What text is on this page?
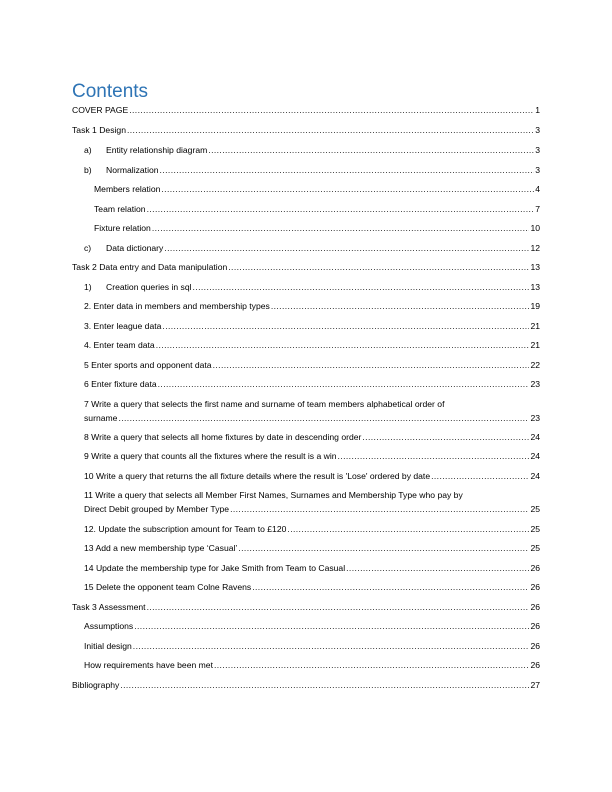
Contents
COVER PAGE .....	1
Task 1 Design .....	3
a) Entity relationship diagram .....	3
b) Normalization .....	3
Members relation .....	4
Team relation .....	7
Fixture relation .....	10
c) Data dictionary .....	12
Task 2 Data entry and Data manipulation .....	13
1) Creation queries in sql .....	13
2. Enter data in members and membership types .....	19
3. Enter league data .....	21
4. Enter team data .....	21
5 Enter sports and opponent data .....	22
6 Enter fixture data .....	23
7 Write a query that selects the first name and surname of team members alphabetical order of
surname .....	23
8 Write a query that selects all home fixtures by date in descending order .....	24
9 Write a query that counts all the fixtures where the result is a win .....	24
10 Write a query that returns the all fixture details where the result is 'Lose' ordered by date .....	24
11 Write a query that selects all Member First Names, Surnames and Membership Type who pay by
Direct Debit grouped by Member Type .....	25
12. Update the subscription amount for Team to £120 .....	25
13 Add a new membership type ‘Casual’ .....	25
14 Update the membership type for Jake Smith from Team to Casual .....	26
15 Delete the opponent team Colne Ravens .....	26
Task 3 Assessment .....	26
Assumptions .....	26
Initial design .....	26
How requirements have been met .....	26
Bibliography .....	27
